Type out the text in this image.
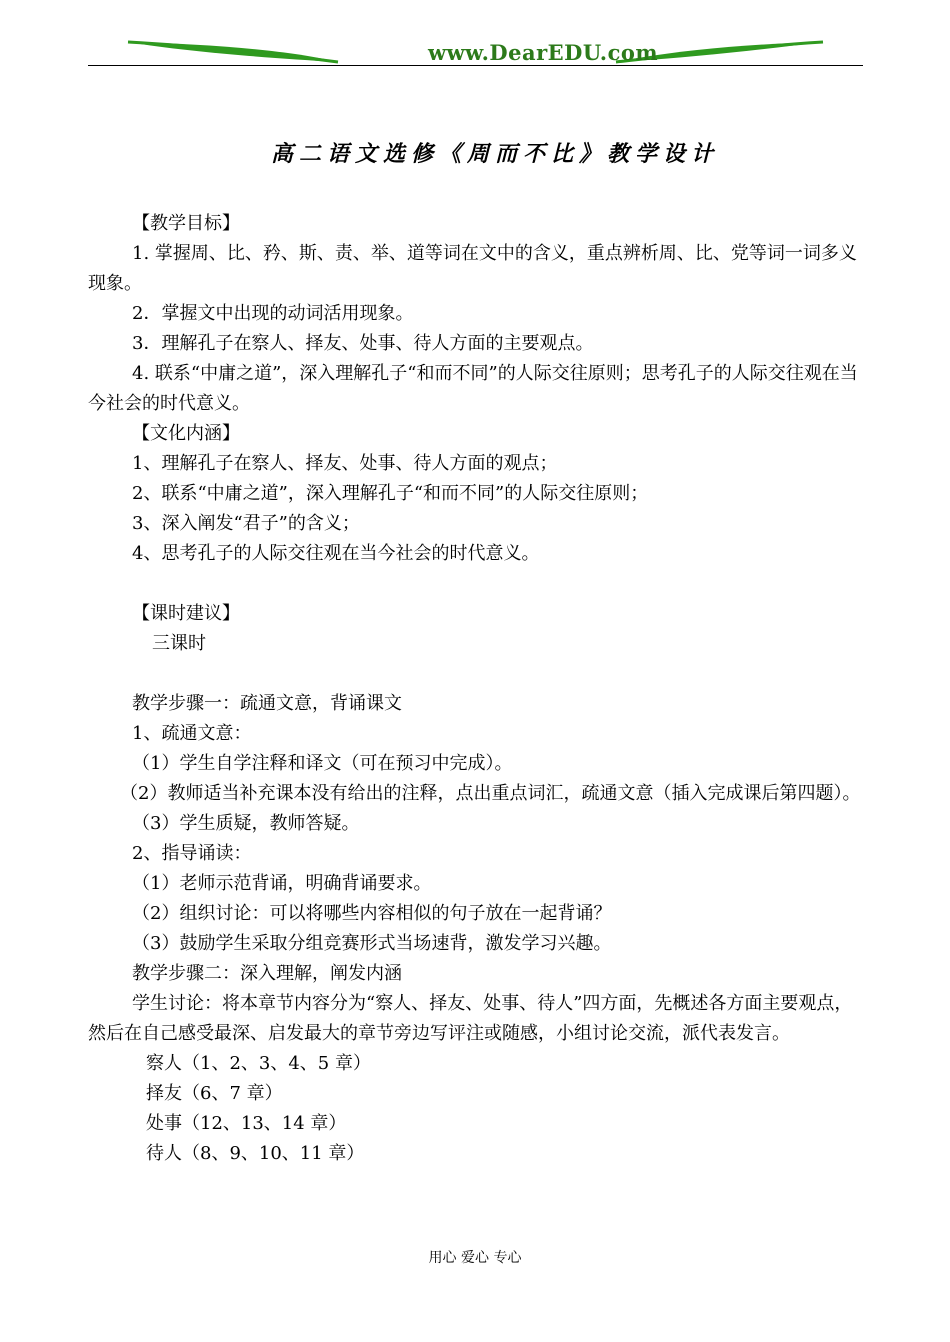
www.DearEDU.com
高二语文选修《周而不比》教学设计

【教学目标】

1. 掌握周、比、矜、斯、责、举、道等词在文中的含义，重点辨析周、比、党等词一词多义现象。

2．掌握文中出现的动词活用现象。

3．理解孔子在察人、择友、处事、待人方面的主要观点。

4. 联系“中庸之道”，深入理解孔子“和而不同”的人际交往原则；思考孔子的人际交往观在当今社会的时代意义。

【文化内涵】

1、理解孔子在察人、择友、处事、待人方面的观点；

2、联系“中庸之道”，深入理解孔子“和而不同”的人际交往原则；

3、深入阐发“君子”的含义；

4、思考孔子的人际交往观在当今社会的时代意义。

【课时建议】

三课时

教学步骤一：疏通文意，背诵课文

1、疏通文意：

（1）学生自学注释和译文（可在预习中完成）。

（2）教师适当补充课本没有给出的注释，点出重点词汇，疏通文意（插入完成课后第四题）。

（3）学生质疑，教师答疑。

2、指导诵读：

（1）老师示范背诵，明确背诵要求。

（2）组织讨论：可以将哪些内容相似的句子放在一起背诵？

（3）鼓励学生采取分组竞赛形式当场速背，激发学习兴趣。

教学步骤二：深入理解，阐发内涵

学生讨论：将本章节内容分为“察人、择友、处事、待人”四方面，先概述各方面主要观点，然后在自己感受最深、启发最大的章节旁边写评注或随感，小组讨论交流，派代表发言。

察人（1、2、3、4、5 章）

择友（6、7 章）

处事（12、13、14 章）

待人（8、9、10、11 章）

用心 爱心 专心
